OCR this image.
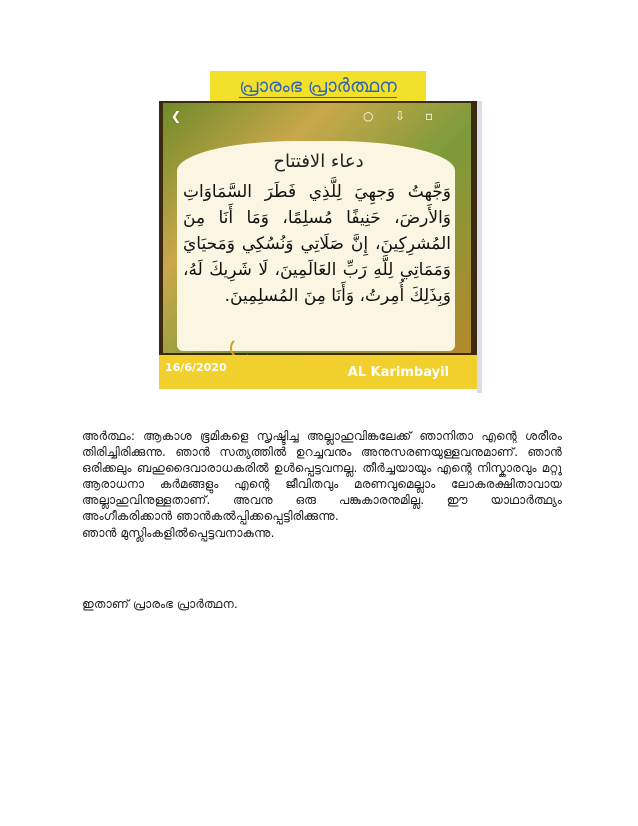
പ്രാരംഭ പ്രാർത്ഥന
❮	○ ⇩ ▫
دعاء الافتتاح
وَجَّهتُ وَجهِيَ لِلَّذِي فَطَرَ السَّمَاوَاتِ وَالأَرضَ، حَنِيفًا مُسلِمًا، وَمَا أَنَا مِنَ المُشرِكِينَ، إِنَّ صَلَاتِي وَنُسُكِي وَمَحيَايَ وَمَمَاتِي لِلَّهِ رَبِّ العَالَمِينَ، لَا شَرِيكَ لَهُ، وَبِذَلِكَ أُمِرتُ، وَأَنَا مِنَ المُسلِمِينَ.
16/6/2020	AL Karimbayil

അർത്ഥം: ആകാശ ഭൂമികളെ സൃഷ്ടിച്ച അല്ലാഹുവിങ്കലേക്ക് ഞാനിതാ എന്റെ ശരീരം തിരിച്ചിരിക്കുന്നു. ഞാൻ സത്യത്തിൽ ഉറച്ചവനും അനുസരണയുള്ളവനുമാണ്. ഞാൻ ഒരിക്കലും ബഹുദൈവാരാധകരിൽ ഉൾപ്പെട്ടവനല്ല. തീർച്ചയായും എന്റെ നിസ്കാരവും മറ്റു ആരാധനാ കർമങ്ങളും എന്റെ ജീവിതവും മരണവുമെല്ലാം ലോകരക്ഷിതാവായ അല്ലാഹുവിനുള്ളതാണ്. അവനു ഒരു പങ്കുകാരനുമില്ല. ഈ യാഥാർത്ഥ്യം അംഗീകരിക്കാൻ ഞാൻകൽപ്പിക്കപ്പെട്ടിരിക്കുന്നു.

ഞാൻ മുസ്ലിംകളിൽപ്പെട്ടവനാകുന്നു.

ഇതാണ് പ്രാരംഭ പ്രാർത്ഥന.
